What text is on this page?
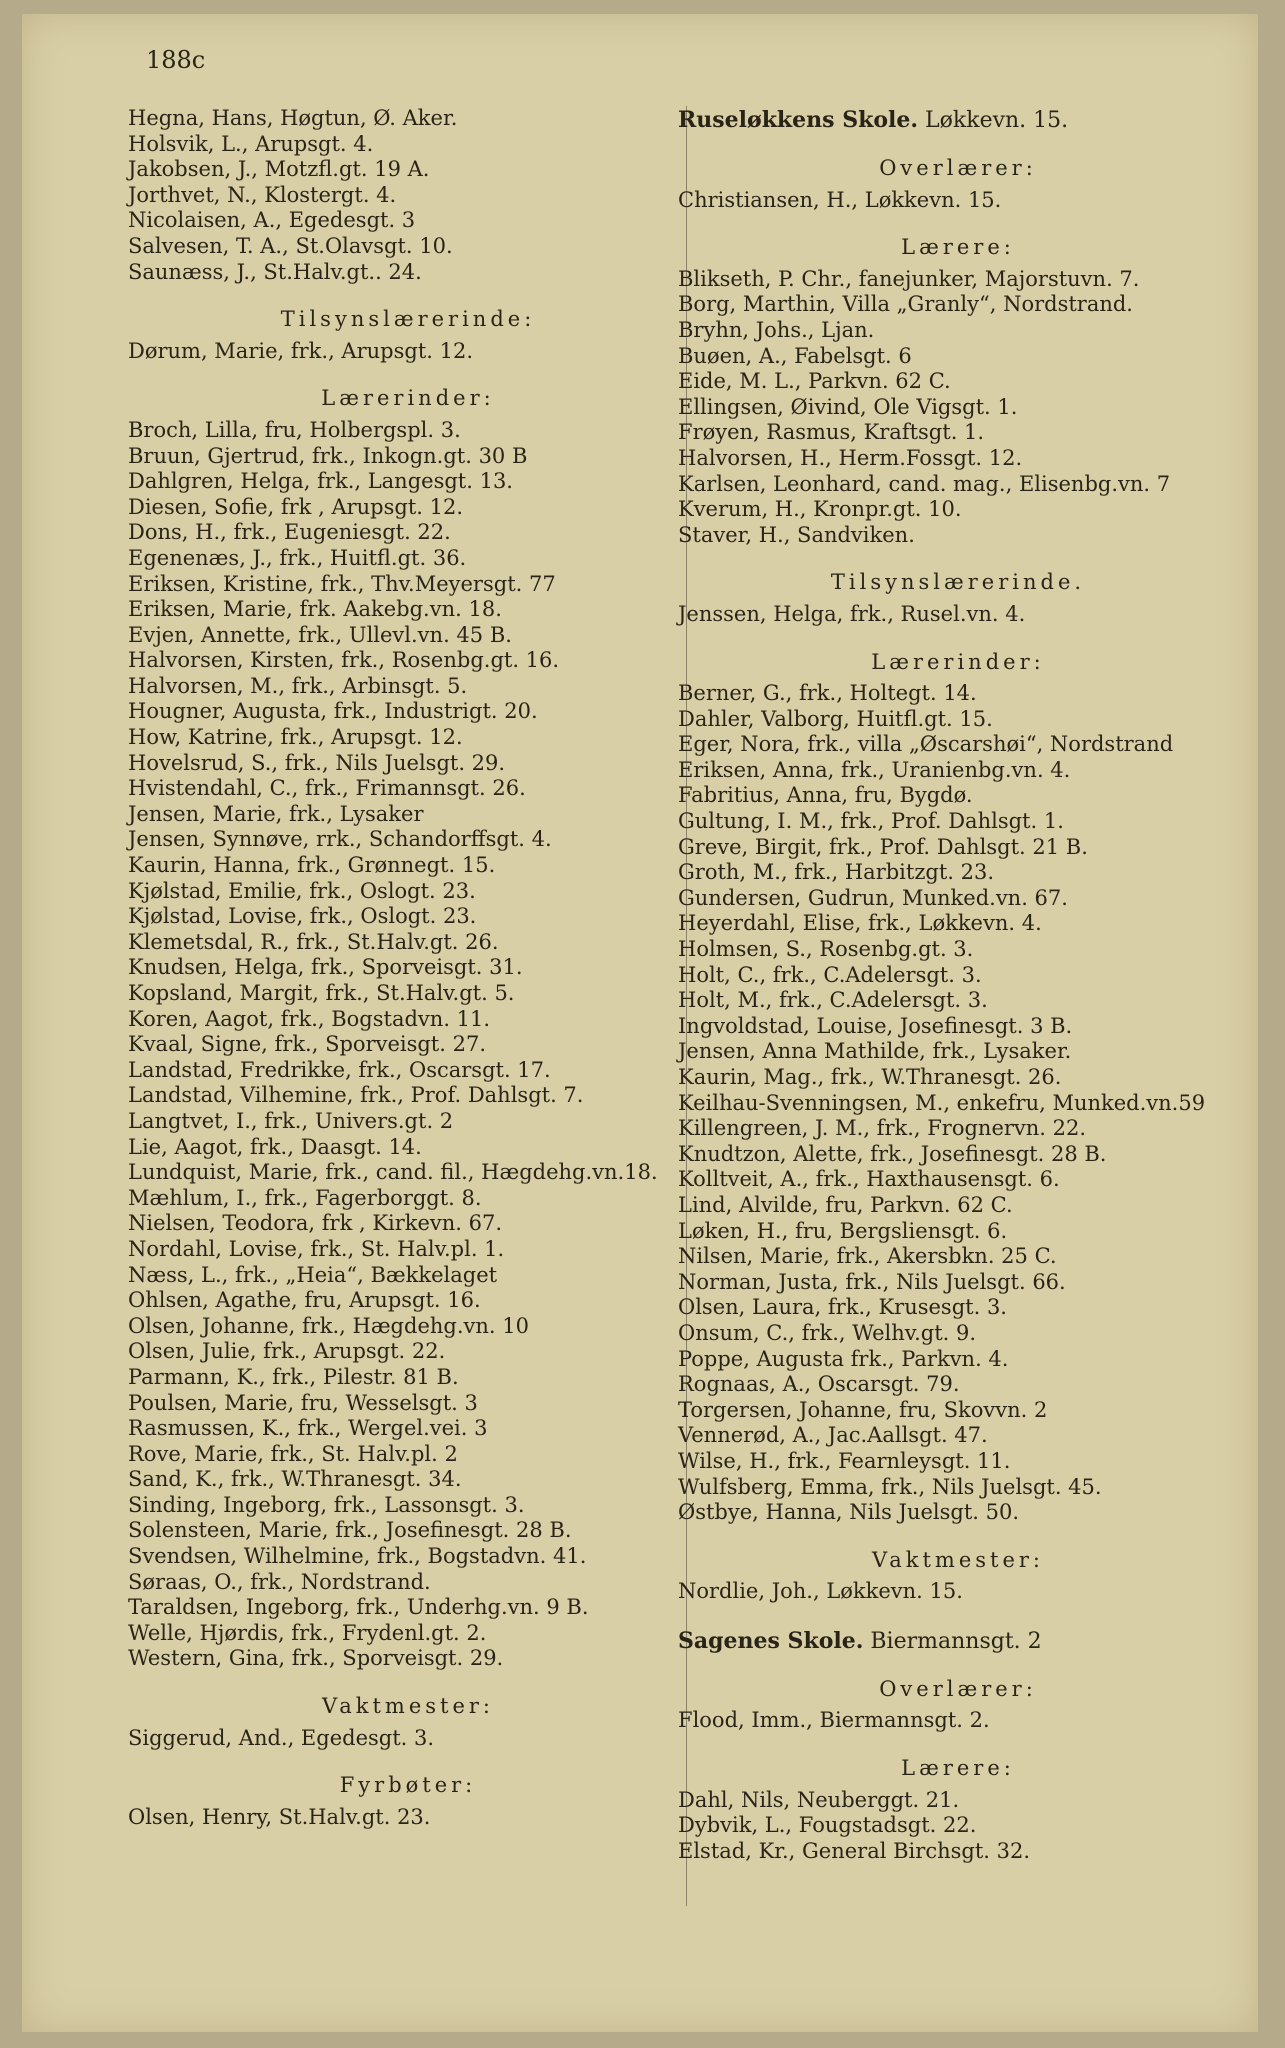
188c
Hegna, Hans, Høgtun, Ø. Aker.
Holsvik, L., Arupsgt. 4.
Jakobsen, J., Motzfl.gt. 19 A.
Jorthvet, N., Klostergt. 4.
Nicolaisen, A., Egedesgt. 3
Salvesen, T. A., St.Olavsgt. 10.
Saunæss, J., St.Halv.gt.. 24.
Tilsynslærerinde:
Dørum, Marie, frk., Arupsgt. 12.
Lærerinder:
Broch, Lilla, fru, Holbergspl. 3.
Bruun, Gjertrud, frk., Inkogn.gt. 30 B
Dahlgren, Helga, frk., Langesgt. 13.
Diesen, Sofie, frk , Arupsgt. 12.
Dons, H., frk., Eugeniesgt. 22.
Egenenæs, J., frk., Huitfl.gt. 36.
Eriksen, Kristine, frk., Thv.Meyersgt. 77
Eriksen, Marie, frk. Aakebg.vn. 18.
Evjen, Annette, frk., Ullevl.vn. 45 B.
Halvorsen, Kirsten, frk., Rosenbg.gt. 16.
Halvorsen, M., frk., Arbinsgt. 5.
Hougner, Augusta, frk., Industrigt. 20.
How, Katrine, frk., Arupsgt. 12.
Hovelsrud, S., frk., Nils Juelsgt. 29.
Hvistendahl, C., frk., Frimannsgt. 26.
Jensen, Marie, frk., Lysaker
Jensen, Synnøve, rrk., Schandorffsgt. 4.
Kaurin, Hanna, frk., Grønnegt. 15.
Kjølstad, Emilie, frk., Oslogt. 23.
Kjølstad, Lovise, frk., Oslogt. 23.
Klemetsdal, R., frk., St.Halv.gt. 26.
Knudsen, Helga, frk., Sporveisgt. 31.
Kopsland, Margit, frk., St.Halv.gt. 5.
Koren, Aagot, frk., Bogstadvn. 11.
Kvaal, Signe, frk., Sporveisgt. 27.
Landstad, Fredrikke, frk., Oscarsgt. 17.
Landstad, Vilhemine, frk., Prof. Dahlsgt. 7.
Langtvet, I., frk., Univers.gt. 2
Lie, Aagot, frk., Daasgt. 14.
Lundquist, Marie, frk., cand. fil., Hægdehg.vn.18.
Mæhlum, I., frk., Fagerborggt. 8.
Nielsen, Teodora, frk , Kirkevn. 67.
Nordahl, Lovise, frk., St. Halv.pl. 1.
Næss, L., frk., „Heia“, Bækkelaget
Ohlsen, Agathe, fru, Arupsgt. 16.
Olsen, Johanne, frk., Hægdehg.vn. 10
Olsen, Julie, frk., Arupsgt. 22.
Parmann, K., frk., Pilestr. 81 B.
Poulsen, Marie, fru, Wesselsgt. 3
Rasmussen, K., frk., Wergel.vei. 3
Rove, Marie, frk., St. Halv.pl. 2
Sand, K., frk., W.Thranesgt. 34.
Sinding, Ingeborg, frk., Lassonsgt. 3.
Solensteen, Marie, frk., Josefinesgt. 28 B.
Svendsen, Wilhelmine, frk., Bogstadvn. 41.
Søraas, O., frk., Nordstrand.
Taraldsen, Ingeborg, frk., Underhg.vn. 9 B.
Welle, Hjørdis, frk., Frydenl.gt. 2.
Western, Gina, frk., Sporveisgt. 29.
Vaktmester:
Siggerud, And., Egedesgt. 3.
Fyrbøter:
Olsen, Henry, St.Halv.gt. 23.
Ruseløkkens Skole. Løkkevn. 15.
Overlærer:
Christiansen, H., Løkkevn. 15.
Lærere:
Blikseth, P. Chr., fanejunker, Majorstuvn. 7.
Borg, Marthin, Villa „Granly“, Nordstrand.
Bryhn, Johs., Ljan.
Buøen, A., Fabelsgt. 6
Eide, M. L., Parkvn. 62 C.
Ellingsen, Øivind, Ole Vigsgt. 1.
Frøyen, Rasmus, Kraftsgt. 1.
Halvorsen, H., Herm.Fossgt. 12.
Karlsen, Leonhard, cand. mag., Elisenbg.vn. 7
Kverum, H., Kronpr.gt. 10.
Staver, H., Sandviken.
Tilsynslærerinde.
Jenssen, Helga, frk., Rusel.vn. 4.
Lærerinder:
Berner, G., frk., Holtegt. 14.
Dahler, Valborg, Huitfl.gt. 15.
Eger, Nora, frk., villa „Øscarshøi“, Nordstrand
Eriksen, Anna, frk., Uranienbg.vn. 4.
Fabritius, Anna, fru, Bygdø.
Gultung, I. M., frk., Prof. Dahlsgt. 1.
Greve, Birgit, frk., Prof. Dahlsgt. 21 B.
Groth, M., frk., Harbitzgt. 23.
Gundersen, Gudrun, Munked.vn. 67.
Heyerdahl, Elise, frk., Løkkevn. 4.
Holmsen, S., Rosenbg.gt. 3.
Holt, C., frk., C.Adelersgt. 3.
Holt, M., frk., C.Adelersgt. 3.
Ingvoldstad, Louise, Josefinesgt. 3 B.
Jensen, Anna Mathilde, frk., Lysaker.
Kaurin, Mag., frk., W.Thranesgt. 26.
Keilhau-Svenningsen, M., enkefru, Munked.vn.59
Killengreen, J. M., frk., Frognervn. 22.
Knudtzon, Alette, frk., Josefinesgt. 28 B.
Kolltveit, A., frk., Haxthausensgt. 6.
Lind, Alvilde, fru, Parkvn. 62 C.
Løken, H., fru, Bergsliensgt. 6.
Nilsen, Marie, frk., Akersbkn. 25 C.
Norman, Justa, frk., Nils Juelsgt. 66.
Olsen, Laura, frk., Krusesgt. 3.
Onsum, C., frk., Welhv.gt. 9.
Poppe, Augusta frk., Parkvn. 4.
Rognaas, A., Oscarsgt. 79.
Torgersen, Johanne, fru, Skovvn. 2
Vennerød, A., Jac.Aallsgt. 47.
Wilse, H., frk., Fearnleysgt. 11.
Wulfsberg, Emma, frk., Nils Juelsgt. 45.
Østbye, Hanna, Nils Juelsgt. 50.
Vaktmester:
Nordlie, Joh., Løkkevn. 15.
Sagenes Skole. Biermannsgt. 2
Overlærer:
Flood, Imm., Biermannsgt. 2.
Lærere:
Dahl, Nils, Neuberggt. 21.
Dybvik, L., Fougstadsgt. 22.
Elstad, Kr., General Birchsgt. 32.
